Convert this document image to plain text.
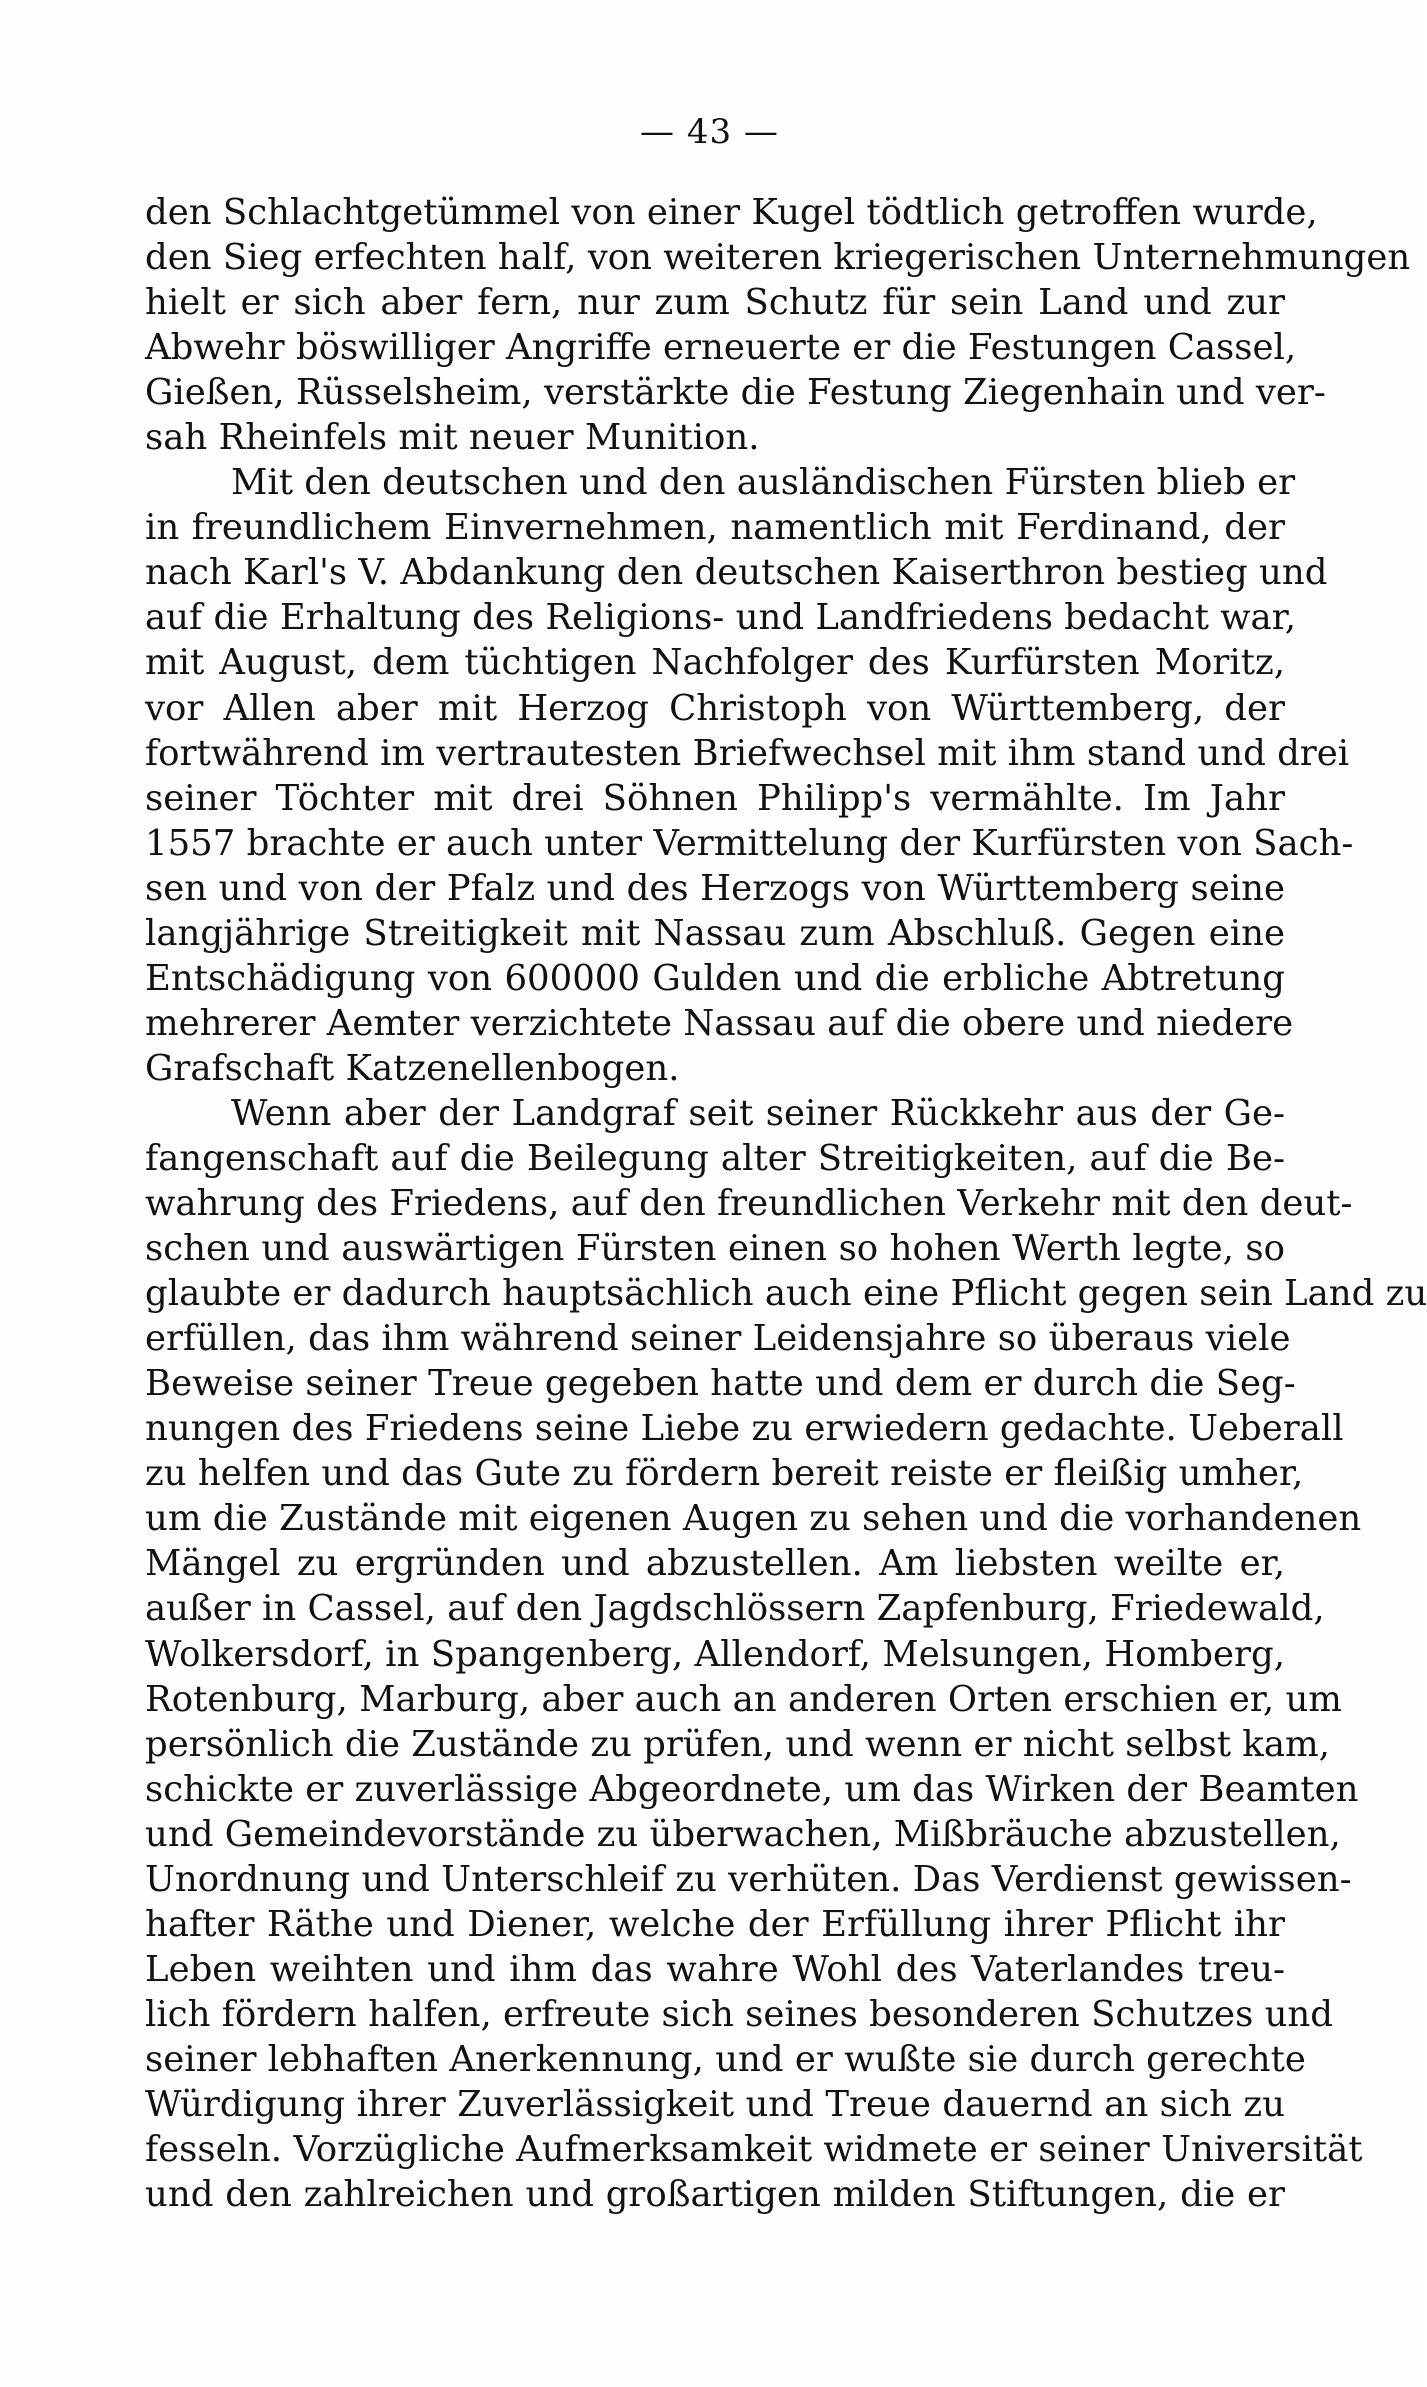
— 43 —
den Schlachtgetümmel von einer Kugel tödtlich getroffen wurde,
den Sieg erfechten half, von weiteren kriegerischen Unternehmungen
hielt er sich aber fern, nur zum Schutz für sein Land und zur
Abwehr böswilliger Angriffe erneuerte er die Festungen Cassel,
Gießen, Rüsselsheim, verstärkte die Festung Ziegenhain und ver-
sah Rheinfels mit neuer Munition.
Mit den deutschen und den ausländischen Fürsten blieb er
in freundlichem Einvernehmen, namentlich mit Ferdinand, der
nach Karl's V. Abdankung den deutschen Kaiserthron bestieg und
auf die Erhaltung des Religions- und Landfriedens bedacht war,
mit August, dem tüchtigen Nachfolger des Kurfürsten Moritz,
vor Allen aber mit Herzog Christoph von Württemberg, der
fortwährend im vertrautesten Briefwechsel mit ihm stand und drei
seiner Töchter mit drei Söhnen Philipp's vermählte. Im Jahr
1557 brachte er auch unter Vermittelung der Kurfürsten von Sach-
sen und von der Pfalz und des Herzogs von Württemberg seine
langjährige Streitigkeit mit Nassau zum Abschluß. Gegen eine
Entschädigung von 600000 Gulden und die erbliche Abtretung
mehrerer Aemter verzichtete Nassau auf die obere und niedere
Grafschaft Katzenellenbogen.
Wenn aber der Landgraf seit seiner Rückkehr aus der Ge-
fangenschaft auf die Beilegung alter Streitigkeiten, auf die Be-
wahrung des Friedens, auf den freundlichen Verkehr mit den deut-
schen und auswärtigen Fürsten einen so hohen Werth legte, so
glaubte er dadurch hauptsächlich auch eine Pflicht gegen sein Land zu
erfüllen, das ihm während seiner Leidensjahre so überaus viele
Beweise seiner Treue gegeben hatte und dem er durch die Seg-
nungen des Friedens seine Liebe zu erwiedern gedachte. Ueberall
zu helfen und das Gute zu fördern bereit reiste er fleißig umher,
um die Zustände mit eigenen Augen zu sehen und die vorhandenen
Mängel zu ergründen und abzustellen. Am liebsten weilte er,
außer in Cassel, auf den Jagdschlössern Zapfenburg, Friedewald,
Wolkersdorf, in Spangenberg, Allendorf, Melsungen, Homberg,
Rotenburg, Marburg, aber auch an anderen Orten erschien er, um
persönlich die Zustände zu prüfen, und wenn er nicht selbst kam,
schickte er zuverlässige Abgeordnete, um das Wirken der Beamten
und Gemeindevorstände zu überwachen, Mißbräuche abzustellen,
Unordnung und Unterschleif zu verhüten. Das Verdienst gewissen-
hafter Räthe und Diener, welche der Erfüllung ihrer Pflicht ihr
Leben weihten und ihm das wahre Wohl des Vaterlandes treu-
lich fördern halfen, erfreute sich seines besonderen Schutzes und
seiner lebhaften Anerkennung, und er wußte sie durch gerechte
Würdigung ihrer Zuverlässigkeit und Treue dauernd an sich zu
fesseln. Vorzügliche Aufmerksamkeit widmete er seiner Universität
und den zahlreichen und großartigen milden Stiftungen, die er
